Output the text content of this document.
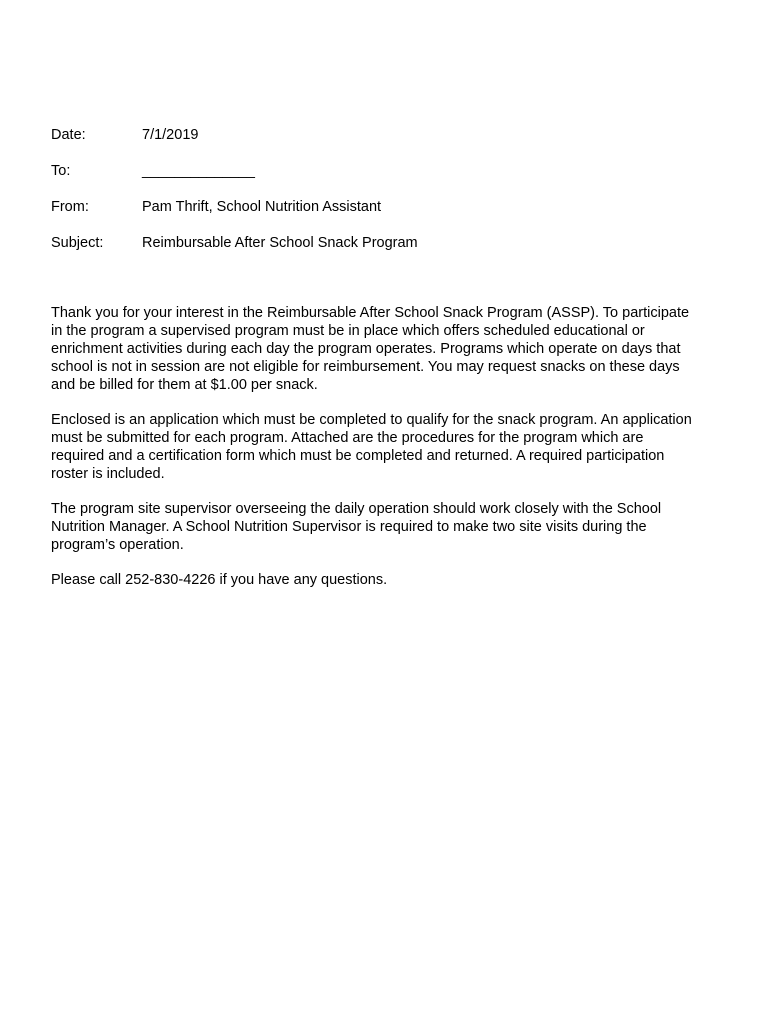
Date:	7/1/2019
To:	______________
From:	Pam Thrift, School Nutrition Assistant
Subject:	Reimbursable After School Snack Program

Thank you for your interest in the Reimbursable After School Snack Program (ASSP). To participate
in the program a supervised program must be in place which offers scheduled educational or
enrichment activities during each day the program operates. Programs which operate on days that
school is not in session are not eligible for reimbursement. You may request snacks on these days
and be billed for them at $1.00 per snack.

Enclosed is an application which must be completed to qualify for the snack program. An application
must be submitted for each program. Attached are the procedures for the program which are
required and a certification form which must be completed and returned. A required participation
roster is included.

The program site supervisor overseeing the daily operation should work closely with the School
Nutrition Manager. A School Nutrition Supervisor is required to make two site visits during the
program’s operation.

Please call 252-830-4226 if you have any questions.
